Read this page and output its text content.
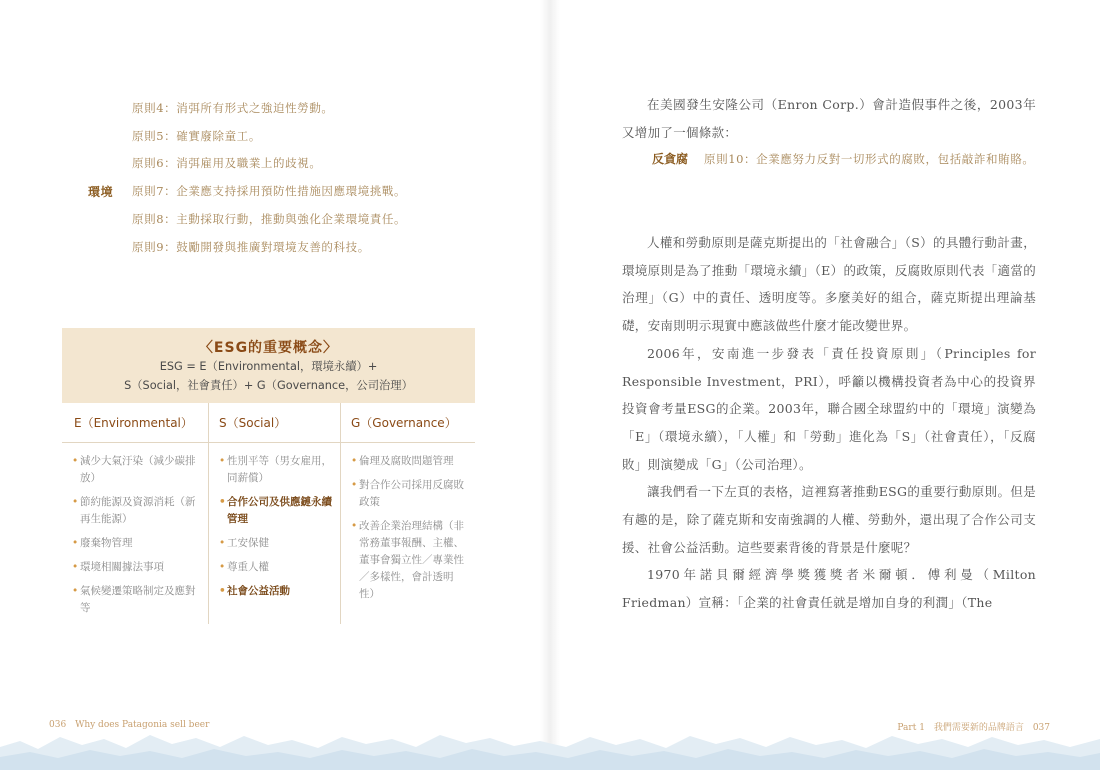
原則4：消弭所有形式之強迫性勞動。
原則5：確實廢除童工。
原則6：消弭雇用及職業上的歧視。
環境	原則7：企業應支持採用預防性措施因應環境挑戰。
原則8：主動採取行動，推動與強化企業環境責任。
原則9：鼓勵開發與推廣對環境友善的科技。
〈ESG的重要概念〉
ESG = E（Environmental，環境永續）+
S（Social，社會責任）+ G（Governance，公司治理）
E（Environmental）
• 減少大氣汙染（減少碳排放）
• 節約能源及資源消耗（新再生能源）
• 廢棄物管理
• 環境相關據法事項
• 氣候變遷策略制定及應對等
S（Social）
• 性別平等（男女雇用，同薪償）
• 合作公司及供應鏈永續管理
• 工安保健
• 尊重人權
• 社會公益活動
G（Governance）
• 倫理及腐敗問題管理
• 對合作公司採用反腐敗政策
• 改善企業治理結構（非常務董事報酬、主權、董事會獨立性／專業性／多樣性，會計透明性）

在美國發生安隆公司（Enron Corp.）會計造假事件之後，2003年又增加了一個條款：

反貪腐	原則10：企業應努力反對一切形式的腐敗，包括敲詐和賄賂。

人權和勞動原則是薩克斯提出的「社會融合」（S）的具體行動計畫，環境原則是為了推動「環境永續」（E）的政策，反腐敗原則代表「適當的治理」（G）中的責任、透明度等。多麼美好的組合，薩克斯提出理論基礎，安南則明示現實中應該做些什麼才能改變世界。

2006年，安南進一步發表「責任投資原則」（Principles for Responsible Investment，PRI），呼籲以機構投資者為中心的投資界投資會考量ESG的企業。2003年，聯合國全球盟約中的「環境」演變為「E」（環境永續），「人權」和「勞動」進化為「S」（社會責任），「反腐敗」則演變成「G」（公司治理）。

讓我們看一下左頁的表格，這裡寫著推動ESG的重要行動原則。但是有趣的是，除了薩克斯和安南強調的人權、勞動外，還出現了合作公司支援、社會公益活動。這些要素背後的背景是什麼呢？

1970年諾貝爾經濟學獎獲獎者米爾頓．傅利曼（Milton Friedman）宣稱：「企業的社會責任就是增加自身的利潤」（The

036 Why does Patagonia sell beer	Part 1　我們需要新的品牌語言 037
